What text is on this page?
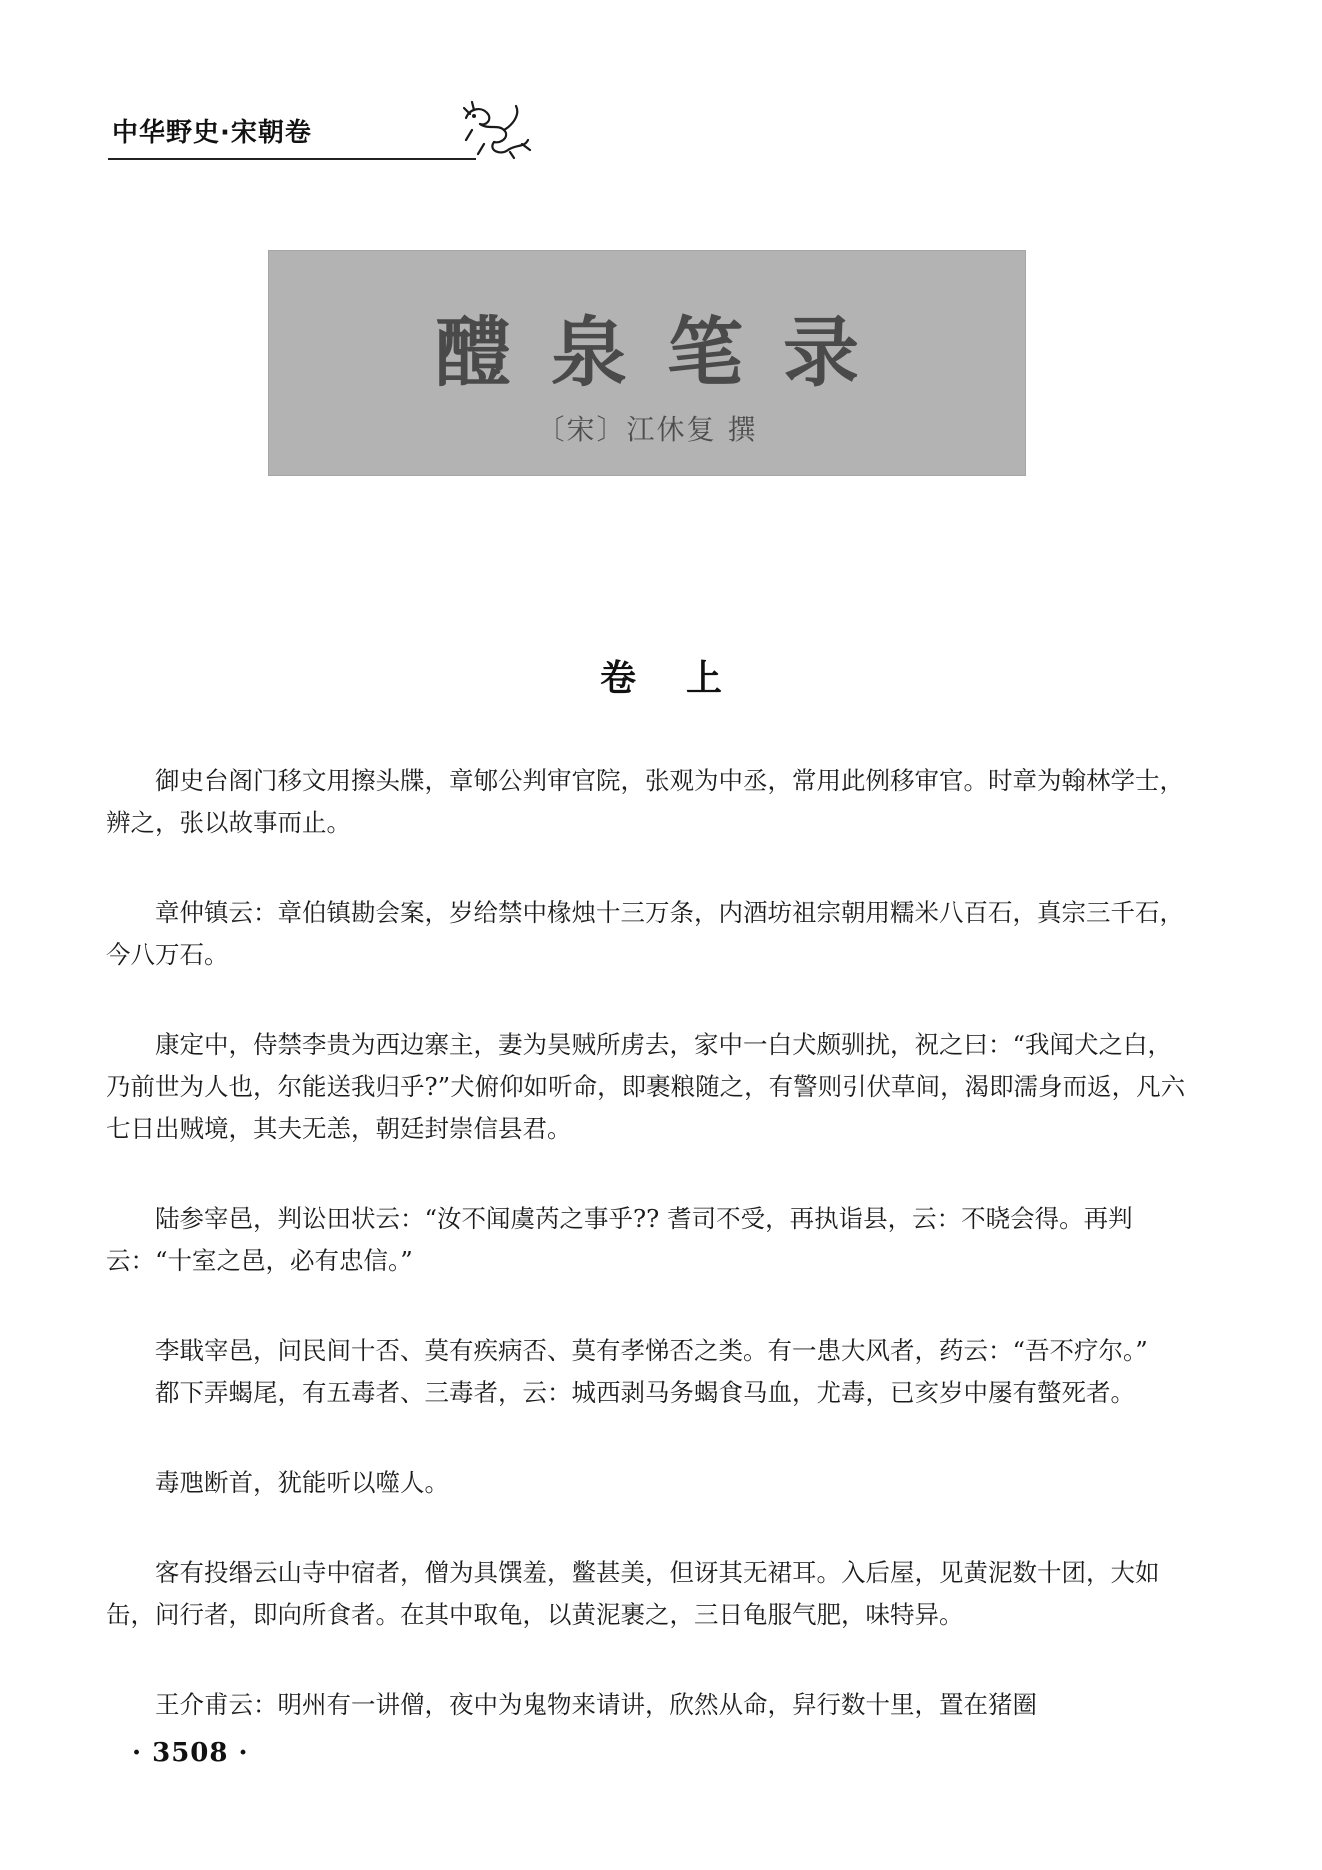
中华野史·宋朝卷
醴泉笔录
〔宋〕江休复 撰
卷上

御史台阁门移文用擦头牒，章郇公判审官院，张观为中丞，常用此例移审官。时章为翰林学士，辨之，张以故事而止。

章仲镇云：章伯镇勘会案，岁给禁中椽烛十三万条，内酒坊祖宗朝用糯米八百石，真宗三千石，今八万石。

康定中，侍禁李贵为西边寨主，妻为昊贼所虏去，家中一白犬颇驯扰，祝之曰：“我闻犬之白，乃前世为人也，尔能送我归乎?”犬俯仰如听命，即裹粮随之，有警则引伏草间，渴即濡身而返，凡六七日出贼境，其夫无恙，朝廷封崇信县君。

陆参宰邑，判讼田状云：“汝不闻虞芮之事乎?? 耆司不受，再执诣县，云：不晓会得。再判云：“十室之邑，必有忠信。”

李戢宰邑，问民间十否、莫有疾病否、莫有孝悌否之类。有一患大风者，药云：“吾不疗尔。”

都下弄蝎尾，有五毒者、三毒者，云：城西剥马务蝎食马血，尤毒，已亥岁中屡有螫死者。

毒虺断首，犹能听以噬人。

客有投缗云山寺中宿者，僧为具馔羞，鳖甚美，但讶其无裙耳。入后屋，见黄泥数十团，大如缶，问行者，即向所食者。在其中取龟，以黄泥裹之，三日龟服气肥，味特异。

王介甫云：明州有一讲僧，夜中为鬼物来请讲，欣然从命，舁行数十里，置在猪圈

· 3508 ·
